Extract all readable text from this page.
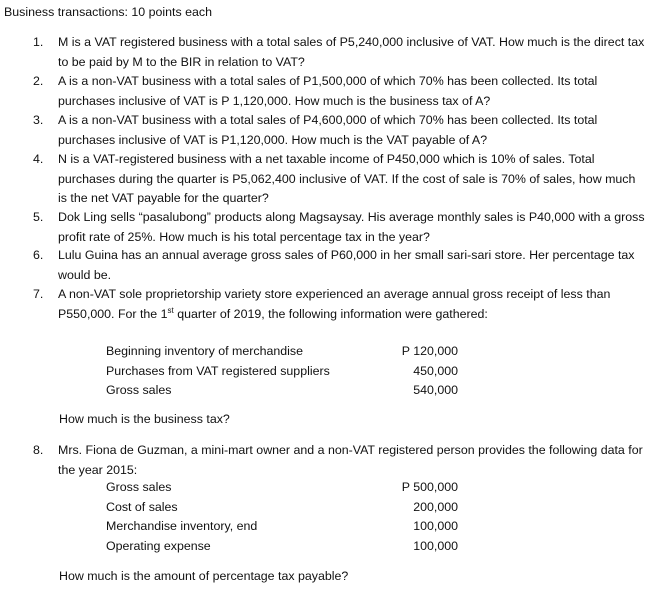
Business transactions: 10 points each
1.	M is a VAT registered business with a total sales of P5,240,000 inclusive of VAT. How much is the direct tax to be paid by M to the BIR in relation to VAT?
2.	A is a non-VAT business with a total sales of P1,500,000 of which 70% has been collected. Its total purchases inclusive of VAT is P 1,120,000. How much is the business tax of A?
3.	A is a non-VAT business with a total sales of P4,600,000 of which 70% has been collected. Its total purchases inclusive of VAT is P1,120,000. How much is the VAT payable of A?
4.	N is a VAT-registered business with a net taxable income of P450,000 which is 10% of sales. Total purchases during the quarter is P5,062,400 inclusive of VAT. If the cost of sale is 70% of sales, how much is the net VAT payable for the quarter?
5.	Dok Ling sells “pasalubong” products along Magsaysay. His average monthly sales is P40,000 with a gross profit rate of 25%. How much is his total percentage tax in the year?
6.	Lulu Guina has an annual average gross sales of P60,000 in her small sari-sari store. Her percentage tax would be.
7.	A non-VAT sole proprietorship variety store experienced an average annual gross receipt of less than P550,000. For the 1st quarter of 2019, the following information were gathered:
Beginning inventory of merchandise	P 120,000
Purchases from VAT registered suppliers	450,000
Gross sales	540,000
How much is the business tax?
8.	Mrs. Fiona de Guzman, a mini-mart owner and a non-VAT registered person provides the following data for the year 2015:
Gross sales	P 500,000
Cost of sales	200,000
Merchandise inventory, end	100,000
Operating expense	100,000
How much is the amount of percentage tax payable?
